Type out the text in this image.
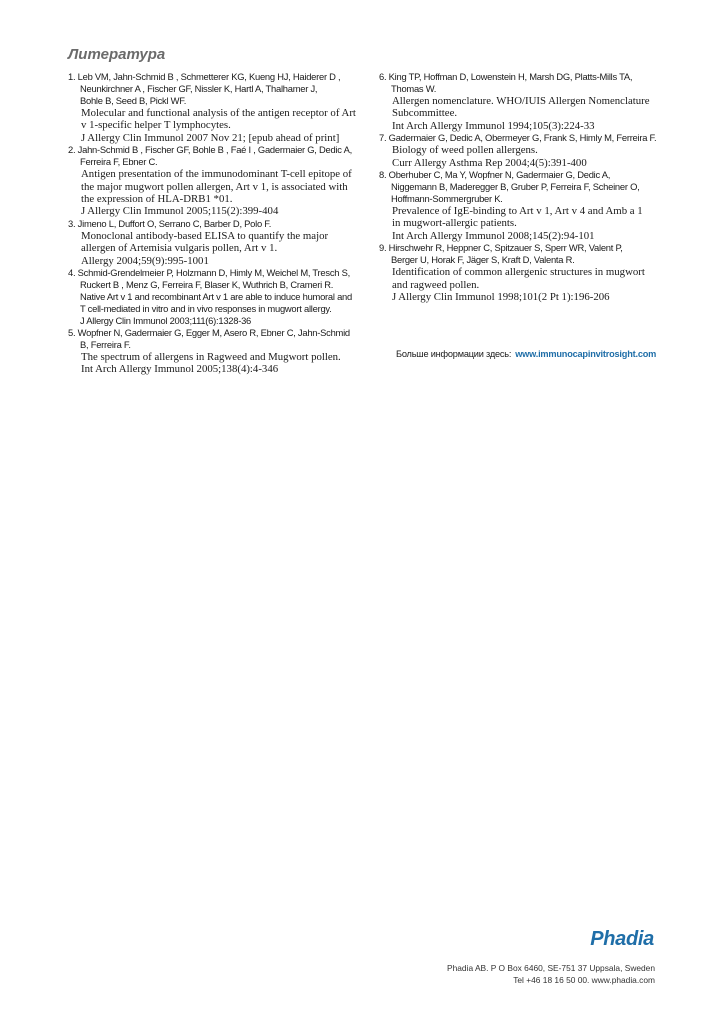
Литература
1. Leb VM, Jahn-Schmid B , Schmetterer KG, Kueng HJ, Haiderer D ,
Neunkirchner A , Fischer GF, Nissler K, Hartl A, Thalhamer J,
Bohle B, Seed B, Pickl WF.
Molecular and functional analysis of the antigen receptor of Art
v 1-specific helper T lymphocytes.
J Allergy Clin Immunol 2007 Nov 21; [epub ahead of print]
2. Jahn-Schmid B , Fischer GF, Bohle B , Faé I , Gadermaier G, Dedic A,
Ferreira F, Ebner C.
Antigen presentation of the immunodominant T-cell epitope of
the major mugwort pollen allergen, Art v 1, is associated with
the expression of HLA-DRB1 *01.
J Allergy Clin Immunol 2005;115(2):399-404
3. Jimeno L, Duffort O, Serrano C, Barber D, Polo F.
Monoclonal antibody-based ELISA to quantify the major
allergen of Artemisia vulgaris pollen, Art v 1.
Allergy 2004;59(9):995-1001
4. Schmid-Grendelmeier P, Holzmann D, Himly M, Weichel M, Tresch S,
Ruckert B , Menz G, Ferreira F, Blaser K, Wuthrich B, Crameri R.
Native Art v 1 and recombinant Art v 1 are able to induce humoral and
T cell-mediated in vitro and in vivo responses in mugwort allergy.
J Allergy Clin Immunol 2003;111(6):1328-36
5. Wopfner N, Gadermaier G, Egger M, Asero R, Ebner C, Jahn-Schmid
B, Ferreira F.
The spectrum of allergens in Ragweed and Mugwort pollen.
Int Arch Allergy Immunol 2005;138(4):4-346
6. King TP, Hoffman D, Lowenstein H, Marsh DG, Platts-Mills TA,
Thomas W.
Allergen nomenclature. WHO/IUIS Allergen Nomenclature
Subcommittee.
Int Arch Allergy Immunol 1994;105(3):224-33
7. Gadermaier G, Dedic A, Obermeyer G, Frank S, Himly M, Ferreira F.
Biology of weed pollen allergens.
Curr Allergy Asthma Rep 2004;4(5):391-400
8. Oberhuber C, Ma Y, Wopfner N, Gadermaier G, Dedic A,
Niggemann B, Maderegger B, Gruber P, Ferreira F, Scheiner O,
Hoffmann-Sommergruber K.
Prevalence of IgE-binding to Art v 1, Art v 4 and Amb a 1
in mugwort-allergic patients.
Int Arch Allergy Immunol 2008;145(2):94-101
9. Hirschwehr R, Heppner C, Spitzauer S, Sperr WR, Valent P,
Berger U, Horak F, Jäger S, Kraft D, Valenta R.
Identification of common allergenic structures in mugwort
and ragweed pollen.
J Allergy Clin Immunol 1998;101(2 Pt 1):196-206
Больше информации здесь: www.immunocapinvitrosight.com
Phadia
Phadia AB. P O Box 6460, SE-751 37 Uppsala, Sweden
Tel +46 18 16 50 00. www.phadia.com
